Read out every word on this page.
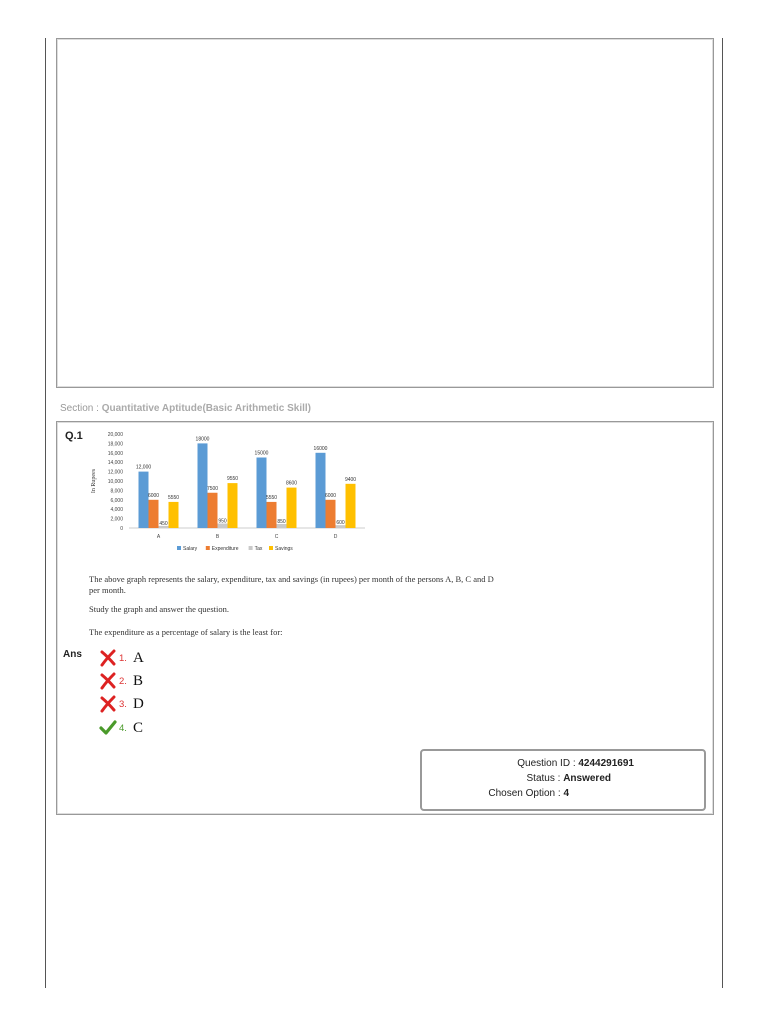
Section : Quantitative Aptitude(Basic Arithmetic Skill)
Q.1
In Rupees
0
2,000
4,000
6,000
8,000
10,000
12,000
14,000
16,000
18,000
20,000
12,000
6000
450
5550
A
18000
7500
950
9550
B
15000
5550
850
8600
C
16000
6000
600
9400
D
Salary	Expenditure	Tax	Savings
The above graph represents the salary, expenditure, tax and savings (in rupees) per month of the persons A, B, C and D
per month.
Study the graph and answer the question.
The expenditure as a percentage of salary is the least for:
Ans	1. A
2. B
3. D
4. C
Question ID : 4244291691
Status : Answered
Chosen Option : 4
